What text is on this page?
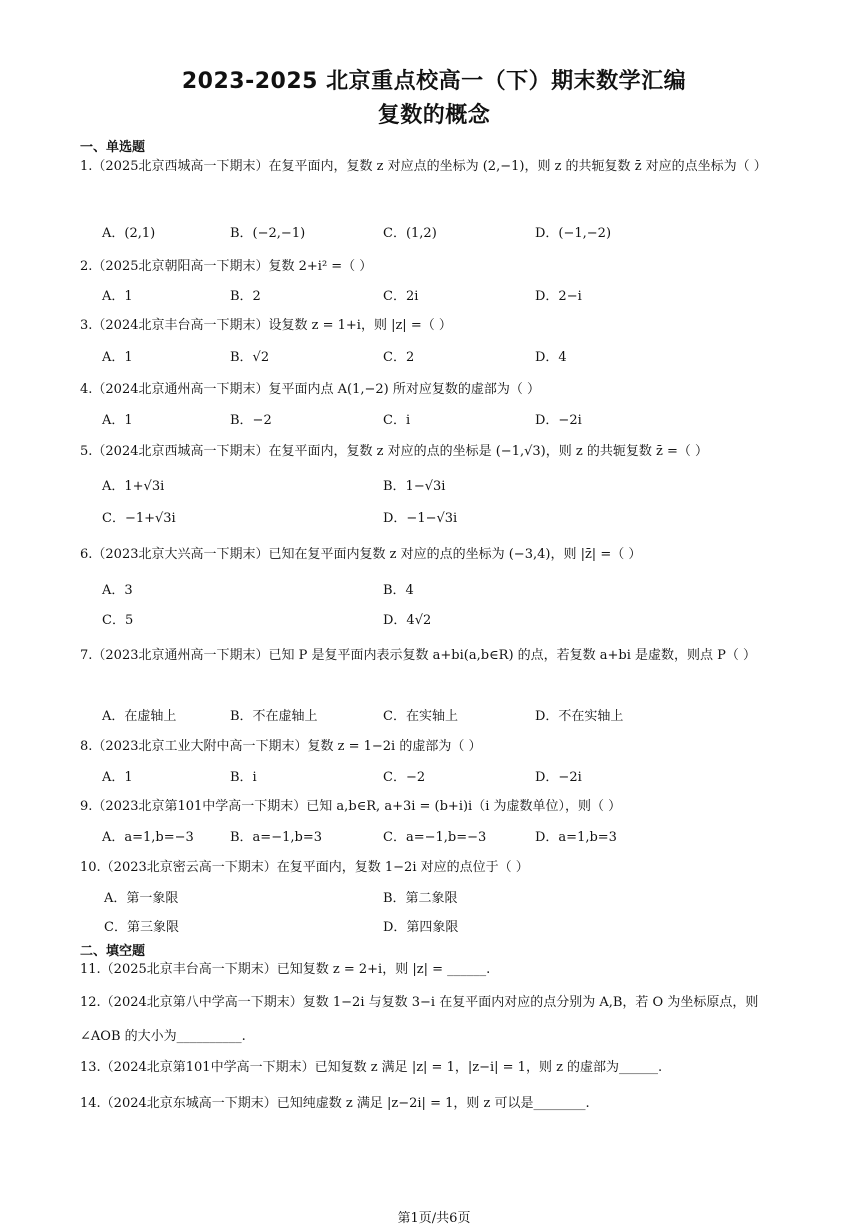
2023-2025 北京重点校高一（下）期末数学汇编
复数的概念
一、单选题
1.（2025北京西城高一下期末）在复平面内，复数 z 对应点的坐标为 (2,−1)，则 z 的共轭复数 z̄ 对应的点坐标为（ ）
A．(2,1)	B．(−2,−1)	C．(1,2)	D．(−1,−2)
2.（2025北京朝阳高一下期末）复数 2+i² =（ ）
A．1	B．2	C．2i	D．2−i
3.（2024北京丰台高一下期末）设复数 z = 1+i，则 |z| =（ ）
A．1	B．√2	C．2	D．4
4.（2024北京通州高一下期末）复平面内点 A(1,−2) 所对应复数的虚部为（ ）
A．1	B．−2	C．i	D．−2i
5.（2024北京西城高一下期末）在复平面内，复数 z 对应的点的坐标是 (−1,√3)，则 z 的共轭复数 z̄ =（ ）
A．1+√3i	B．1−√3i
C．−1+√3i	D．−1−√3i
6.（2023北京大兴高一下期末）已知在复平面内复数 z 对应的点的坐标为 (−3,4)，则 |z̄| =（ ）
A．3	B．4
C．5	D．4√2
7.（2023北京通州高一下期末）已知 P 是复平面内表示复数 a+bi(a,b∈R) 的点，若复数 a+bi 是虚数，则点 P（ ）
A．在虚轴上	B．不在虚轴上	C．在实轴上	D．不在实轴上
8.（2023北京工业大附中高一下期末）复数 z = 1−2i 的虚部为（ ）
A．1	B．i	C．−2	D．−2i
9.（2023北京第101中学高一下期末）已知 a,b∈R, a+3i = (b+i)i（i 为虚数单位），则（ ）
A．a=1,b=−3	B．a=−1,b=3	C．a=−1,b=−3	D．a=1,b=3
10.（2023北京密云高一下期末）在复平面内，复数 1−2i 对应的点位于（ ）
A．第一象限	B．第二象限
C．第三象限	D．第四象限
二、填空题
11.（2025北京丰台高一下期末）已知复数 z = 2+i，则 |z| = ______.
12.（2024北京第八中学高一下期末）复数 1−2i 与复数 3−i 在复平面内对应的点分别为 A,B，若 O 为坐标原点，则 ∠AOB 的大小为__________.
13.（2024北京第101中学高一下期末）已知复数 z 满足 |z| = 1，|z−i| = 1，则 z 的虚部为______.
14.（2024北京东城高一下期末）已知纯虚数 z 满足 |z−2i| = 1，则 z 可以是________.
第1页/共6页
